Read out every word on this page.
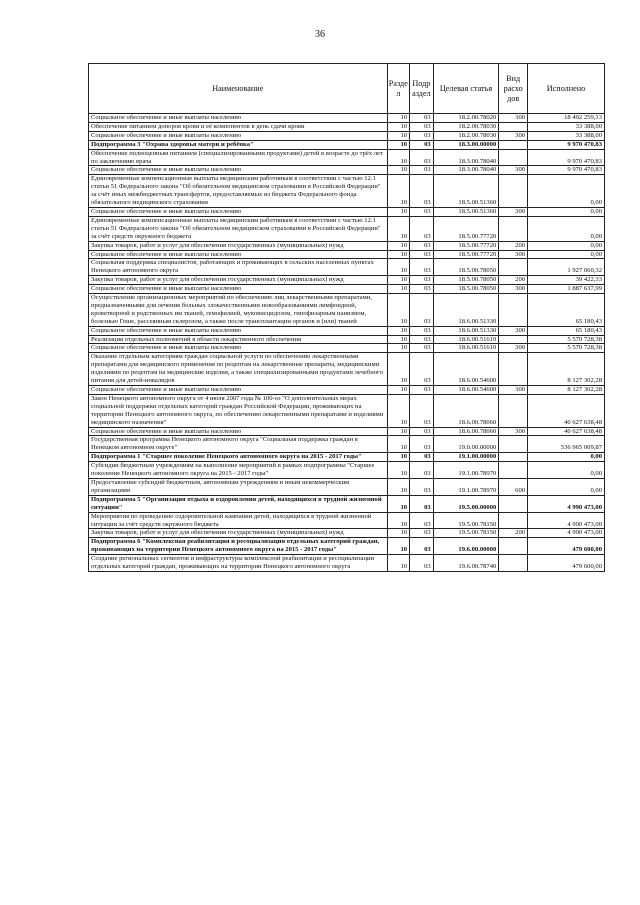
36
Наименование	Разде л	Подр аздел	Целевая статья	Вид расхо дов	Исполнено
Социальное обеспечение и иные выплаты населению	10	03	18.2.00.78020	300	18 492 259,13
Обеспечение питанием доноров крови и её компонентов в день сдачи крови	10	03	18.2.00.78030		33 388,00
Социальное обеспечение и иные выплаты населению	10	03	18.2.00.78030	300	33 388,00
Подпрограмма 3 "Охрана здоровья матери и ребёнка"	10	03	18.3.00.00000		9 970 470,83
Обеспечение полноценным питанием (специализированными продуктами) детей в возрасте до трёх лет по заключению врача	10	03	18.3.00.78040		9 970 470,83
Социальное обеспечение и иные выплаты населению	10	03	18.3.00.78040	300	9 970 470,83
Единовременные компенсационные выплаты медицинским работникам в соответствии с частью 12.1 статьи 51 Федерального закона "Об обязательном медицинском страховании в Российской Федерации" за счёт иных межбюджетных трансфертов, предоставляемых из бюджета Федерального фонда обязательного медицинского страхования	10	03	18.5.00.51360		0,00
Социальное обеспечение и иные выплаты населению	10	03	18.5.00.51360	300	0,00
Единовременные компенсационные выплаты медицинским работникам в соответствии с частью 12.1 статьи 51 Федерального закона "Об обязательном медицинском страховании в Российской Федерации" за счёт средств окружного бюджета	10	03	18.5.00.77720		0,00
Закупка товаров, работ и услуг для обеспечения государственных (муниципальных) нужд	10	03	18.5.00.77720	200	0,00
Социальное обеспечение и иные выплаты населению	10	03	18.5.00.77720	300	0,00
Социальная поддержка специалистов, работающих и проживающих в сельских населенных пунктах Ненецкого автономного округа	10	03	18.5.00.78050		1 927 060,32
Закупка товаров, работ и услуг для обеспечения государственных (муниципальных) нужд	10	03	18.5.00.78050	200	39 422,33
Социальное обеспечение и иные выплаты населению	10	03	18.5.00.78050	300	1 887 637,99
Осуществление организационных мероприятий по обеспечению лиц лекарственными препаратами, предназначенными для лечения больных злокачественными новообразованиями лимфоидной, кроветворной и родственных им тканей, гемофилией, муковисцидозом, гипофизарным нанизмом, болезнью Гоше, рассеянным склерозом, а также после трансплантации органов и (или) тканей	10	03	18.6.00.51330		65 180,43
Социальное обеспечение и иные выплаты населению	10	03	18.6.00.51330	300	65 180,43
Реализация отдельных полномочий в области лекарственного обеспечения	10	03	18.6.00.51610		5 570 728,38
Социальное обеспечение и иные выплаты населению	10	03	18.6.00.51610	300	5 570 728,38
Оказание отдельным категориям граждан социальной услуги по обеспечению лекарственными препаратами для медицинского применения по рецептам на лекарственные препараты, медицинскими изделиями по рецептам на медицинские изделия, а также специализированными продуктами лечебного питания для детей-инвалидов	10	03	18.6.00.54600		8 127 302,28
Социальное обеспечение и иные выплаты населению	10	03	18.6.00.54600	300	8 127 302,28
Закон Ненецкого автономного округа от 4 июля 2007 года № 100-оз "О дополнительных мерах социальной поддержки отдельных категорий граждан Российской Федерации, проживающих на территории Ненецкого автономного округа, по обеспечению лекарственными препаратами и изделиями медицинского назначения"	10	03	18.6.00.78060		40 627 638,48
Социальное обеспечение и иные выплаты населению	10	03	18.6.00.78060	300	40 627 638,48
Государственная программа Ненецкого автономного округа "Социальная поддержка граждан в Ненецком автономном округе"	10	03	19.0.00.00000		536 965 009,87
Подпрограмма 1 "Старшее поколение Ненецкого автономного округа на 2015 - 2017 годы"	10	03	19.1.00.00000		0,00
Субсидии бюджетным учреждениям на выполнение мероприятий в рамках подпрограммы "Старшее поколение Ненецкого автономного округа на 2015 - 2017 годы"	10	03	19.1.00.78970		0,00
Предоставление субсидий бюджетным, автономным учреждениям и иным некоммерческим организациям	10	03	19.1.00.78970	600	0,00
Подпрограмма 5 "Организация отдыха и оздоровления детей, находящихся в трудной жизненной ситуации"	10	03	19.5.00.00000		4 990 473,00
Мероприятия по проведению оздоровительной кампании детей, находящихся в трудной жизненной ситуации за счёт средств окружного бюджета	10	03	19.5.00.78150		4 990 473,00
Закупка товаров, работ и услуг для обеспечения государственных (муниципальных) нужд	10	03	19.5.00.78150	200	4 990 473,00
Подпрограмма 6 "Комплексная реабилитация и ресоциализация отдельных категорий граждан, проживающих на территории Ненецкого автономного округа на 2015 - 2017 годы"	10	03	19.6.00.00000		479 600,00
Создание региональных сегментов и инфраструктуры комплексной реабилитации и ресоциализации отдельных категорий граждан, проживающих на территории Ненецкого автономного округа	10	03	19.6.00.78740		479 600,00
